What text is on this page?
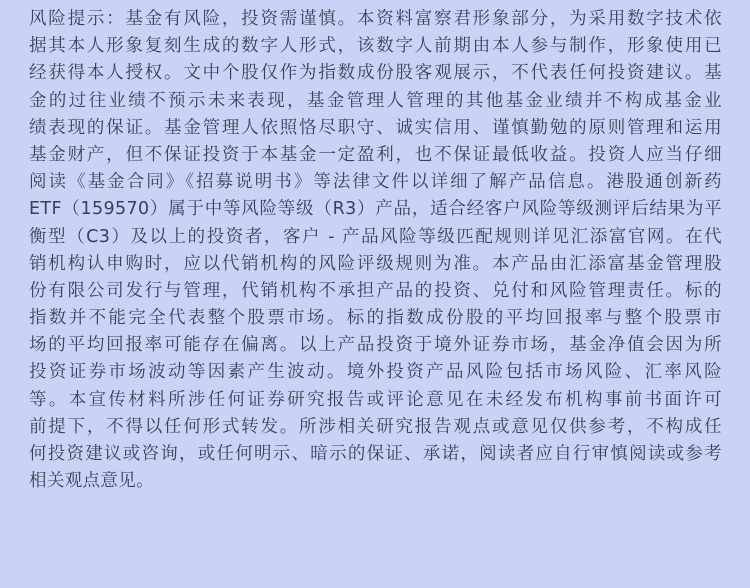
风险提示：基金有风险，投资需谨慎。本资料富察君形象部分，为采用数字技术依
据其本人形象复刻生成的数字人形式，该数字人前期由本人参与制作，形象使用已
经获得本人授权。文中个股仅作为指数成份股客观展示，不代表任何投资建议。基
金的过往业绩不预示未来表现，基金管理人管理的其他基金业绩并不构成基金业
绩表现的保证。基金管理人依照恪尽职守、诚实信用、谨慎勤勉的原则管理和运用
基金财产，但不保证投资于本基金一定盈利，也不保证最低收益。投资人应当仔细
阅读《基金合同》《招募说明书》等法律文件以详细了解产品信息。港股通创新药
ETF（159570）属于中等风险等级（R3）产品，适合经客户风险等级测评后结果为平
衡型（C3）及以上的投资者，客户 - 产品风险等级匹配规则详见汇添富官网。在代
销机构认申购时，应以代销机构的风险评级规则为准。本产品由汇添富基金管理股
份有限公司发行与管理，代销机构不承担产品的投资、兑付和风险管理责任。标的
指数并不能完全代表整个股票市场。标的指数成份股的平均回报率与整个股票市
场的平均回报率可能存在偏离。以上产品投资于境外证券市场，基金净值会因为所
投资证券市场波动等因素产生波动。境外投资产品风险包括市场风险、汇率风险
等。本宣传材料所涉任何证券研究报告或评论意见在未经发布机构事前书面许可
前提下，不得以任何形式转发。所涉相关研究报告观点或意见仅供参考，不构成任
何投资建议或咨询，或任何明示、暗示的保证、承诺，阅读者应自行审慎阅读或参考
相关观点意见。
